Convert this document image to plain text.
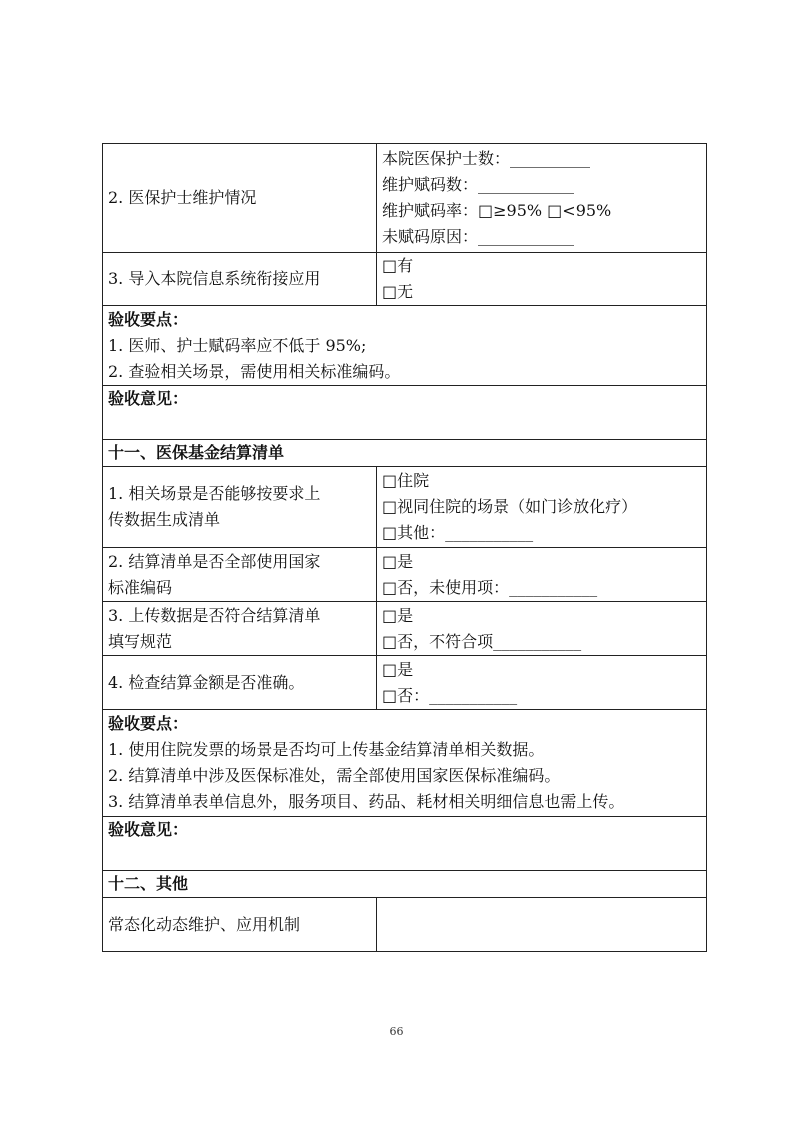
2. 医保护士维护情况	本院医保护士数：__________
维护赋码数：____________
维护赋码率：□≥95% □<95%
未赋码原因：____________

3. 导入本院信息系统衔接应用	□有
□无

验收要点：
1. 医师、护士赋码率应不低于 95%;
2. 查验相关场景，需使用相关标准编码。	

验收意见：	

十一、医保基金结算清单	

1. 相关场景是否能够按要求上
传数据生成清单	□住院
□视同住院的场景（如门诊放化疗）
□其他：___________

2. 结算清单是否全部使用国家
标准编码	□是
□否，未使用项：___________

3. 上传数据是否符合结算清单
填写规范	□是
□否，不符合项___________

4. 检查结算金额是否准确。	□是
□否：___________

验收要点：
1. 使用住院发票的场景是否均可上传基金结算清单相关数据。
2. 结算清单中涉及医保标准处，需全部使用国家医保标准编码。
3. 结算清单表单信息外，服务项目、药品、耗材相关明细信息也需上传。	

验收意见：	

十二、其他	
常态化动态维护、应用机制	
66
